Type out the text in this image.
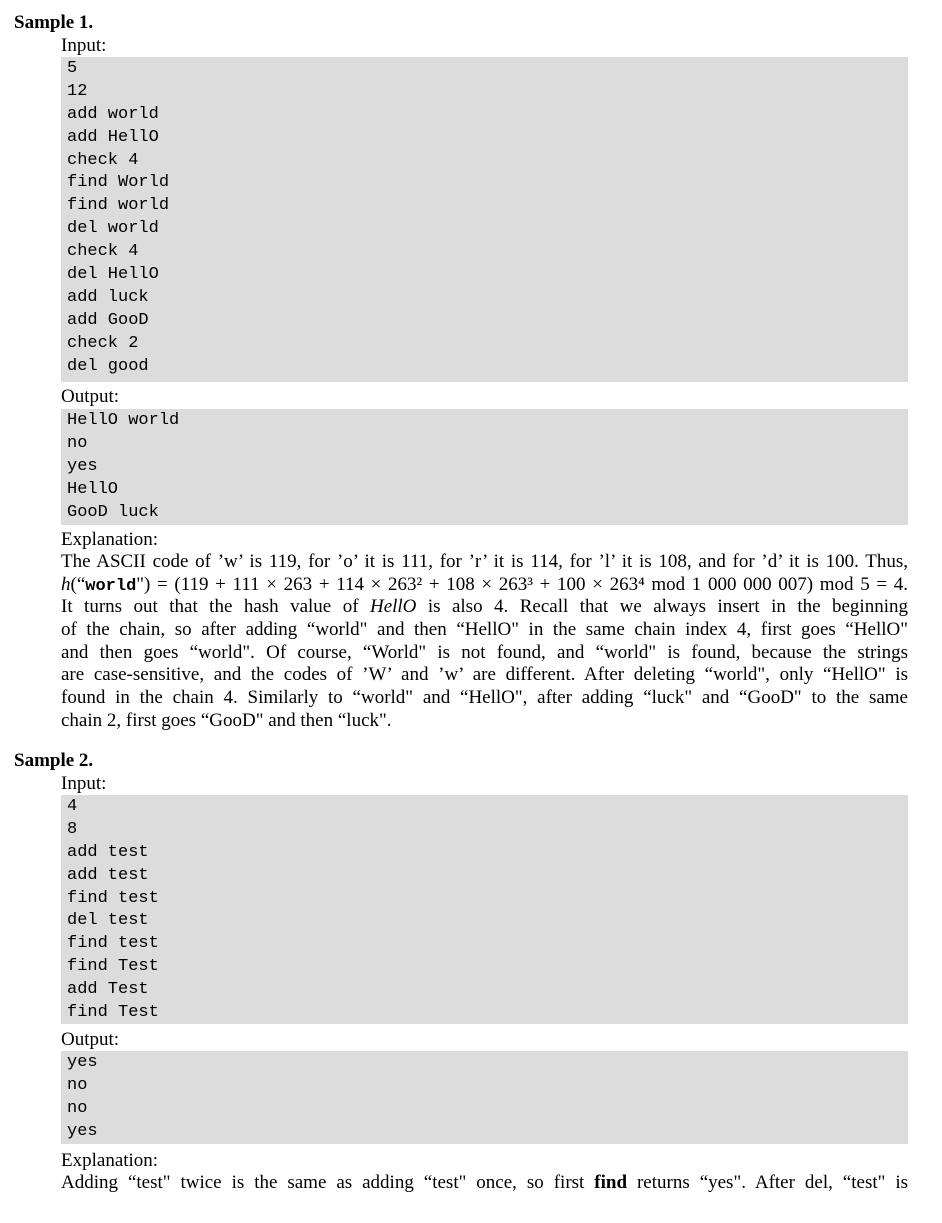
Sample 1.
Input:
5
12
add world
add HellO
check 4
find World
find world
del world
check 4
del HellO
add luck
add GooD
check 2
del good
Output:
HellO world
no
yes
HellO
GooD luck
Explanation:
The ASCII code of ’w’ is 119, for ’o’ it is 111, for ’r’ it is 114, for ’l’ it is 108, and for ’d’ it is 100. Thus,
h(“world") = (119 + 111 × 263 + 114 × 263² + 108 × 263³ + 100 × 263⁴ mod 1 000 000 007) mod 5 = 4.
It turns out that the hash value of HellO is also 4. Recall that we always insert in the beginning
of the chain, so after adding “world" and then “HellO" in the same chain index 4, first goes “HellO"
and then goes “world". Of course, “World" is not found, and “world" is found, because the strings
are case-sensitive, and the codes of ’W’ and ’w’ are different. After deleting “world", only “HellO" is
found in the chain 4. Similarly to “world" and “HellO", after adding “luck" and “GooD" to the same
chain 2, first goes “GooD" and then “luck".
Sample 2.
Input:
4
8
add test
add test
find test
del test
find test
find Test
add Test
find Test
Output:
yes
no
no
yes
Explanation:
Adding “test" twice is the same as adding “test" once, so first find returns “yes". After del, “test" is
